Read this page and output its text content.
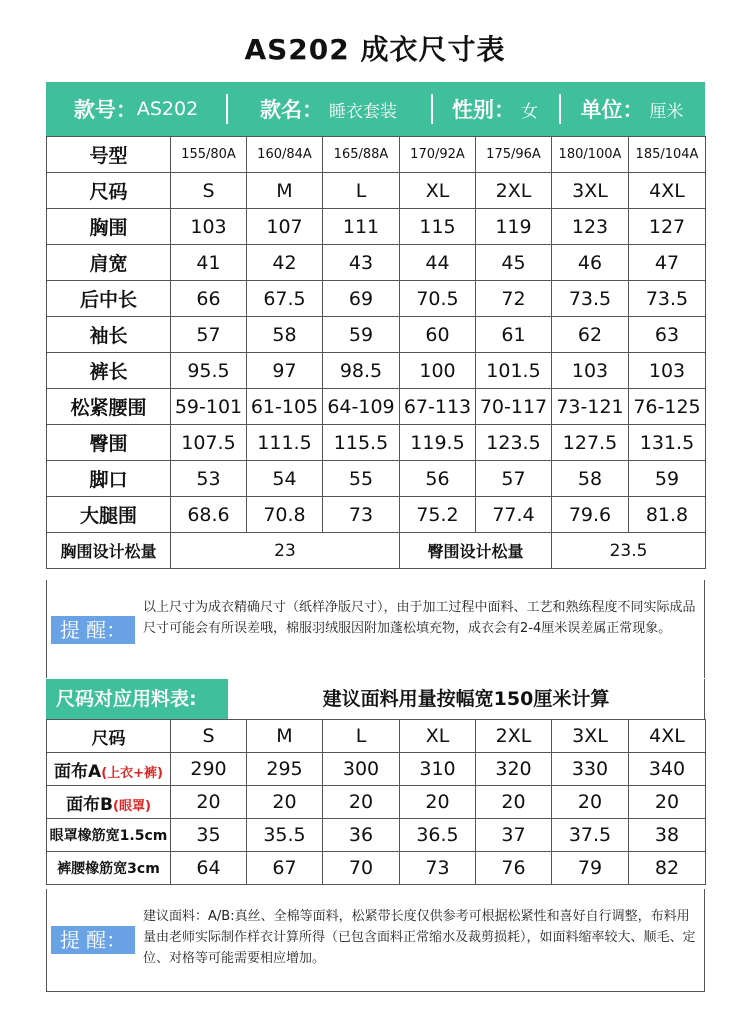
AS202 成衣尺寸表
款号： AS202	款名： 睡衣套装	性别： 女 单位： 厘米
号型	155/80A	160/84A	165/88A	170/92A	175/96A	180/100A	185/104A
尺码	S	M	L	XL	2XL	3XL	4XL
胸围	103	107	111	115	119	123	127
肩宽	41	42	43	44	45	46	47
后中长	66	67.5	69	70.5	72	73.5	73.5
袖长	57	58	59	60	61	62	63
裤长	95.5	97	98.5	100	101.5	103	103
松紧腰围	59-101	61-105	64-109	67-113	70-117	73-121	76-125
臀围	107.5	111.5	115.5	119.5	123.5	127.5	131.5
脚口	53	54	55	56	57	58	59
大腿围	68.6	70.8	73	75.2	77.4	79.6	81.8
胸围设计松量	23			臀围设计松量		23.5	
提 醒：
以上尺寸为成衣精确尺寸（纸样净版尺寸），由于加工过程中面料、工艺和熟练程度不同实际成品尺寸可能会有所误差哦，棉服羽绒服因附加蓬松填充物，成衣会有2-4厘米误差属正常现象。
尺码对应用料表:	建议面料用量按幅宽150厘米计算
尺码	S	M	L	XL	2XL	3XL	4XL
面布A(上衣+裤)	290	295	300	310	320	330	340
面布B(眼罩)	20	20	20	20	20	20	20
眼罩橡筋宽1.5cm	35	35.5	36	36.5	37	37.5	38
裤腰橡筋宽3cm	64	67	70	73	76	79	82
提 醒：
建议面料：A/B:真丝、全棉等面料，松紧带长度仅供参考可根据松紧性和喜好自行调整，布料用量由老师实际制作样衣计算所得（已包含面料正常缩水及裁剪损耗），如面料缩率较大、顺毛、定位、对格等可能需要相应增加。
